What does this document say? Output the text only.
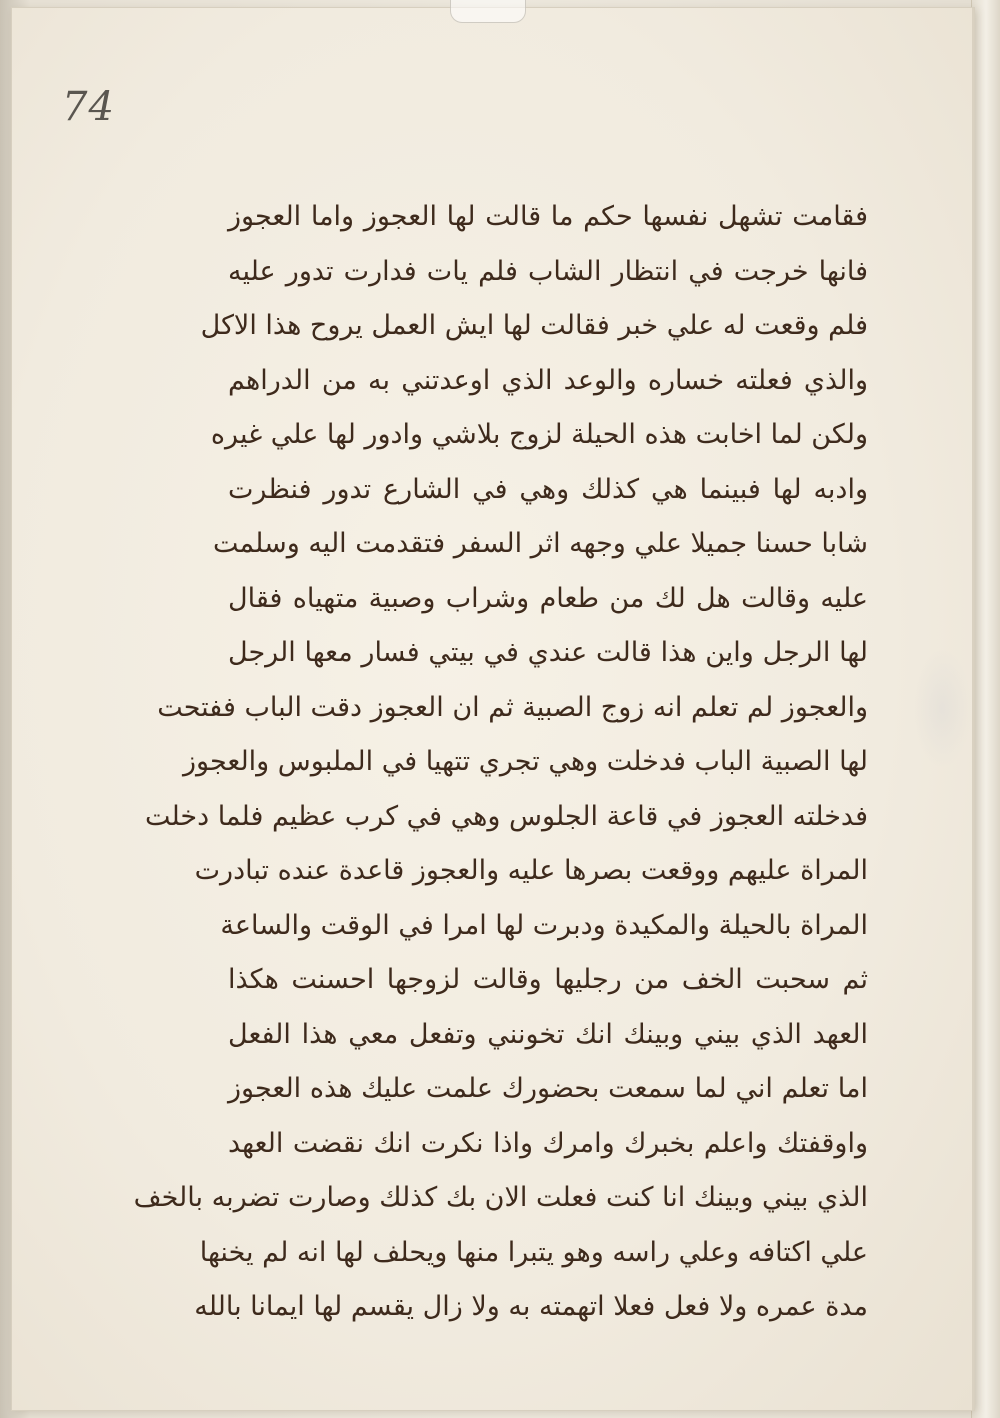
74

فقامت تشهل نفسها حكم ما قالت لها العجوز واما العجوز
فانها خرجت في انتظار الشاب فلم يات فدارت تدور عليه
فلم وقعت له علي خبر فقالت لها ايش العمل يروح هذا الاكل
والذي فعلته خساره والوعد الذي اوعدتني به من الدراهم
ولكن لما اخابت هذه الحيلة لزوج بلاشي وادور لها علي غيره
وادبه لها فبينما هي كذلك وهي في الشارع تدور فنظرت
شابا حسنا جميلا علي وجهه اثر السفر فتقدمت اليه وسلمت
عليه وقالت هل لك من طعام وشراب وصبية متهياه فقال
لها الرجل واين هذا قالت عندي في بيتي فسار معها الرجل
والعجوز لم تعلم انه زوج الصبية ثم ان العجوز دقت الباب ففتحت
لها الصبية الباب فدخلت وهي تجري تتهيا في الملبوس والعجوز
فدخلته العجوز في قاعة الجلوس وهي في كرب عظيم فلما دخلت
المراة عليهم ووقعت بصرها عليه والعجوز قاعدة عنده تبادرت
المراة بالحيلة والمكيدة ودبرت لها امرا في الوقت والساعة
ثم سحبت الخف من رجليها وقالت لزوجها احسنت هكذا
العهد الذي بيني وبينك انك تخونني وتفعل معي هذا الفعل
اما تعلم اني لما سمعت بحضورك علمت عليك هذه العجوز
واوقفتك واعلم بخبرك وامرك واذا نكرت انك نقضت العهد
الذي بيني وبينك انا كنت فعلت الان بك كذلك وصارت تضربه بالخف
علي اكتافه وعلي راسه وهو يتبرا منها ويحلف لها انه لم يخنها
مدة عمره ولا فعل فعلا اتهمته به ولا زال يقسم لها ايمانا بالله
